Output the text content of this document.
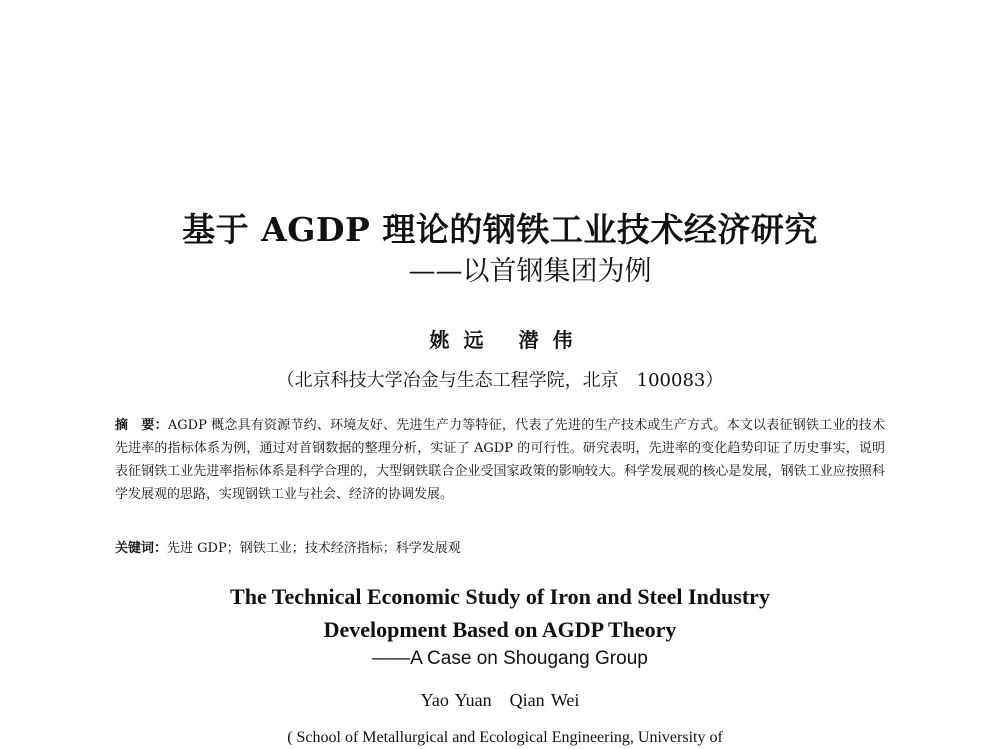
基于 AGDP 理论的钢铁工业技术经济研究
——以首钢集团为例
姚远 潜伟
（北京科技大学冶金与生态工程学院，北京　100083）
摘　要：AGDP 概念具有资源节约、环境友好、先进生产力等特征，代表了先进的生产技术或生产方式。本文以表征钢铁工业的技术先进率的指标体系为例，通过对首钢数据的整理分析，实证了 AGDP 的可行性。研究表明，先进率的变化趋势印证了历史事实，说明表征钢铁工业先进率指标体系是科学合理的，大型钢铁联合企业受国家政策的影响较大。科学发展观的核心是发展，钢铁工业应按照科学发展观的思路，实现钢铁工业与社会、经济的协调发展。
关键词：先进 GDP；钢铁工业；技术经济指标；科学发展观
The Technical Economic Study of Iron and Steel Industry
Development Based on AGDP Theory
——A Case on Shougang Group
Yao Yuan　Qian Wei
( School of Metallurgical and Ecological Engineering, University of
